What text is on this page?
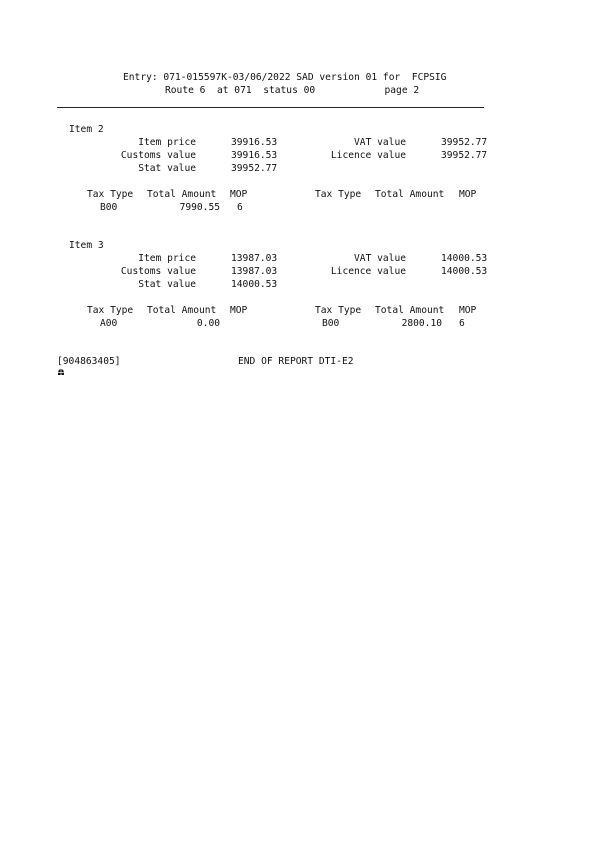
Entry: 071-015597K-03/06/2022 SAD version 01 for  FCPSIG
Route 6  at 071  status 00            page 2
Item 2
Item price	39916.53	VAT value	39952.77
Customs value	39916.53	Licence value	39952.77
Stat value	39952.77
Tax Type Total Amount MOP	Tax Type Total Amount MOP
B00	7990.55 6
Item 3
Item price	13987.03	VAT value	14000.53
Customs value	13987.03	Licence value	14000.53
Stat value	14000.53
Tax Type Total Amount MOP	Tax Type Total Amount MOP
A00	0.00	B00	2800.10 6
[904863405]	END OF REPORT DTI-E2
